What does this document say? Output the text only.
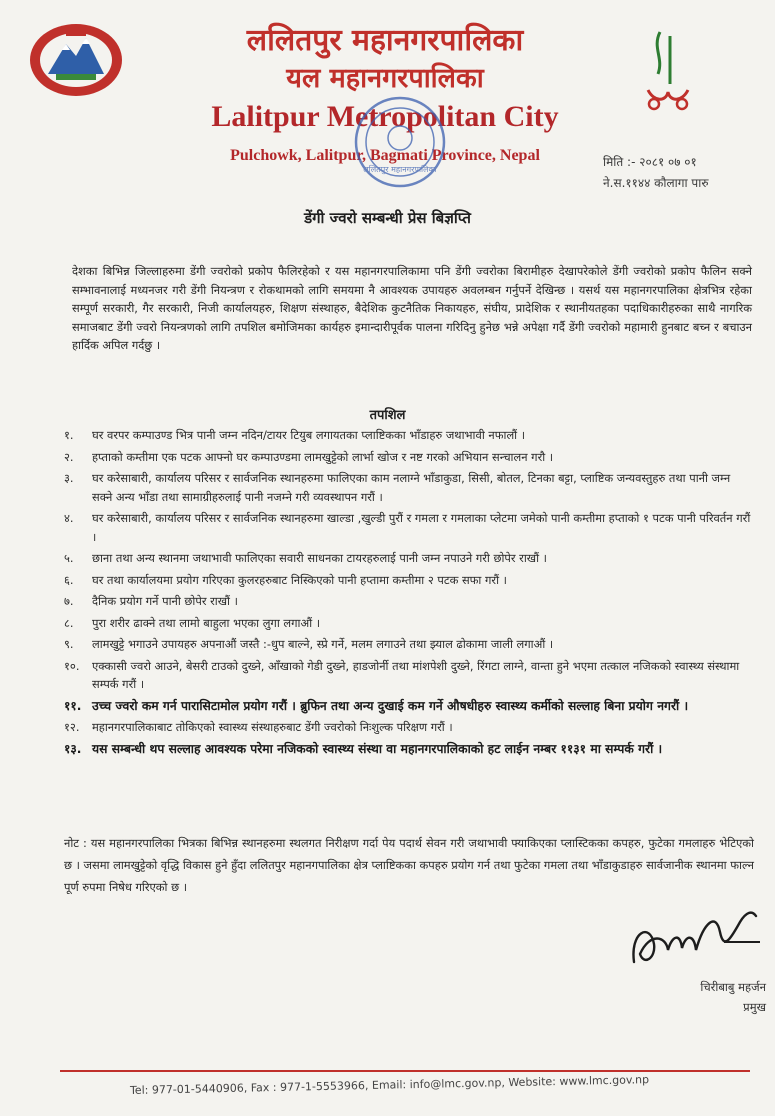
ललितपुर महानगरपालिका
यल महानगरपालिका
Lalitpur Metropolitan City
Pulchowk, Lalitpur, Bagmati Province, Nepal
ललितपुर महानगरपालिका
मिति :- २०८१ ०७ ०१
ने.स.११४४ कौलागा पारु
डेंगी ज्वरो सम्बन्धी प्रेस बिज्ञप्ति

देशका बिभिन्न जिल्लाहरुमा डेंगी ज्वरोको प्रकोप फैलिरहेको र यस महानगरपालिकामा पनि डेंगी ज्वरोका बिरामीहरु देखापरेकोले डेंगी ज्वरोको प्रकोप फैलिन सक्ने सम्भावनालाई मध्यनजर गरी डेंगी नियन्त्रण र रोकथामको लागि समयमा नै आवश्यक उपायहरु अवलम्बन गर्नुपर्ने देखिन्छ । यसर्थ यस महानगरपालिका क्षेत्रभित्र रहेका सम्पूर्ण सरकारी, गैर सरकारी, निजी कार्यालयहरु, शिक्षण संस्थाहरु, बैदेशिक कुटनैतिक निकायहरु, संघीय, प्रादेशिक र स्थानीयतहका पदाधिकारीहरुका साथै नागरिक समाजबाट डेंगी ज्वरो नियन्त्रणको लागि तपशिल बमोजिमका कार्यहरु इमान्दारीपूर्वक पालना गरिदिनु हुनेछ भन्ने अपेक्षा गर्दै डेंगी ज्वरोको महामारी हुनबाट बच्न र बचाउन हार्दिक अपिल गर्दछु ।

तपशिल
१.	घर वरपर कम्पाउण्ड भित्र पानी जम्न नदिन/टायर टियुब लगायतका प्लाष्टिकका भाँडाहरु जथाभावी नफालौं ।
२.	हप्ताको कम्तीमा एक पटक आफ्नो घर कम्पाउण्डमा लामखुट्टेको लार्भा खोज र नष्ट गरको अभियान सन्चालन गरौ ।
३.	घर करेसाबारी, कार्यालय परिसर र सार्वजनिक स्थानहरुमा फालिएका काम नलाग्ने भाँडाकुडा, सिसी, बोतल, टिनका बट्टा, प्लाष्टिक जन्यवस्तुहरु तथा पानी जम्न सक्ने अन्य भाँडा तथा सामाग्रीहरुलाई पानी नजम्ने गरी व्यवस्थापन गरौं ।
४.	घर करेसाबारी, कार्यालय परिसर र सार्वजनिक स्थानहरुमा खाल्डा ,खुल्डी पुरौं र गमला र गमलाका प्लेटमा जमेको पानी कम्तीमा हप्ताको १ पटक पानी परिवर्तन गरौं ।
५.	छाना तथा अन्य स्थानमा जथाभावी फालिएका सवारी साधनका टायरहरुलाई पानी जम्न नपाउने गरी छोपेर राखौं ।
६.	घर तथा कार्यालयमा प्रयोग गरिएका कुलरहरुबाट निस्किएको पानी हप्तामा कम्तीमा २ पटक सफा गरौं ।
७.	दैनिक प्रयोग गर्ने पानी छोपेर राखौं ।
८.	पुरा शरीर ढाक्ने तथा लामो बाहुला भएका लुगा लगाऔं ।
९.	लामखुट्टे भगाउने उपायहरु अपनाऔं जस्तै :-धुप बाल्ने, स्प्रे गर्ने, मलम लगाउने तथा झ्याल ढोकामा जाली लगाऔं ।
१०.	एक्कासी ज्वरो आउने, बेसरी टाउको दुख्ने, आँखाको गेडी दुख्ने, हाडजोर्नी तथा मांशपेशी दुख्ने, रिंगटा लाग्ने, वान्ता हुने भएमा तत्काल नजिकको स्वास्थ्य संस्थामा सम्पर्क गरौं ।
११. उच्च ज्वरो कम गर्न पारासिटामोल प्रयोग गरौं । ब्रुफिन तथा अन्य दुखाई कम गर्ने औषधीहरु स्वास्थ्य कर्मीको सल्लाह बिना प्रयोग नगरौं ।
१२.	महानगरपालिकाबाट तोकिएको स्वास्थ्य संस्थाहरुबाट डेंगी ज्वरोको निःशुल्क परिक्षण गरौं ।
१३. यस सम्बन्धी थप सल्लाह आवश्यक परेमा नजिकको स्वास्थ्य संस्था वा महानगरपालिकाको हट लाईन नम्बर ११३१ मा सम्पर्क गरौं ।

नोट : यस महानगरपालिका भित्रका बिभिन्न स्थानहरुमा स्थलगत निरीक्षण गर्दा पेय पदार्थ सेवन गरी जथाभावी फ्याकिएका प्लास्टिकका कपहरु, फुटेका गमलाहरु भेटिएको छ । जसमा लामखुट्टेको वृद्धि विकास हुने हुँदा ललितपुर महानगपालिका क्षेत्र प्लाष्टिकका कपहरु प्रयोग गर्न तथा फुटेका गमला तथा भाँडाकुडाहरु सार्वजानीक स्थानमा फाल्न पूर्ण रुपमा निषेध गरिएको छ ।

चिरीबाबु महर्जन
प्रमुख
Tel: 977-01-5440906, Fax : 977-1-5553966, Email: info@lmc.gov.np, Website: www.lmc.gov.np
